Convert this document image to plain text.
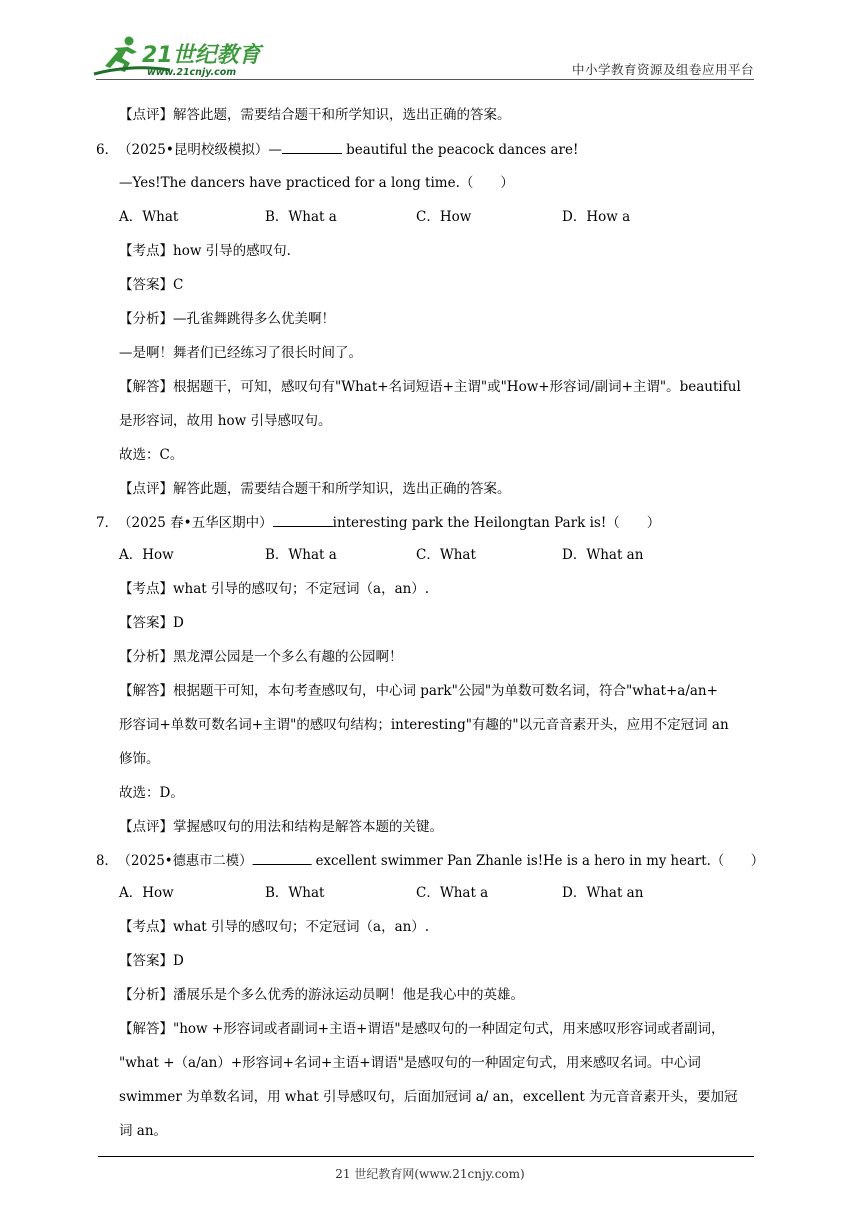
21世纪教育
www.21cnjy.com	中小学教育资源及组卷应用平台
【点评】解答此题，需要结合题干和所学知识，选出正确的答案。
6．（2025•昆明校级模拟）—	beautiful the peacock dances are!
—Yes!The dancers have practiced for a long time.（　　）
A．What	B．What a	C．How	D．How a
【考点】how 引导的感叹句.
【答案】C
【分析】—孔雀舞跳得多么优美啊！
—是啊！舞者们已经练习了很长时间了。
【解答】根据题干，可知，感叹句有"What+名词短语+主谓"或"How+形容词/副词+主谓"。beautiful
是形容词，故用 how 引导感叹句。
故选：C。
【点评】解答此题，需要结合题干和所学知识，选出正确的答案。
7．（2025 春•五华区期中）	interesting park the Heilongtan Park is!（　　）
A．How	B．What a	C．What	D．What an
【考点】what 引导的感叹句；不定冠词（a，an）.
【答案】D
【分析】黑龙潭公园是一个多么有趣的公园啊！
【解答】根据题干可知，本句考查感叹句，中心词 park"公园"为单数可数名词，符合"what+a/an+
形容词+单数可数名词+主谓"的感叹句结构；interesting"有趣的"以元音音素开头，应用不定冠词 an
修饰。
故选：D。
【点评】掌握感叹句的用法和结构是解答本题的关键。
8．（2025•德惠市二模）	excellent swimmer Pan Zhanle is!He is a hero in my heart.（　　）
A．How	B．What	C．What a	D．What an
【考点】what 引导的感叹句；不定冠词（a，an）.
【答案】D
【分析】潘展乐是个多么优秀的游泳运动员啊！他是我心中的英雄。
【解答】"how +形容词或者副词+主语+谓语"是感叹句的一种固定句式，用来感叹形容词或者副词，
"what +（a/an）+形容词+名词+主语+谓语"是感叹句的一种固定句式，用来感叹名词。中心词
swimmer 为单数名词，用 what 引导感叹句，后面加冠词 a/ an，excellent 为元音音素开头，要加冠
词 an。
21 世纪教育网(www.21cnjy.com)
